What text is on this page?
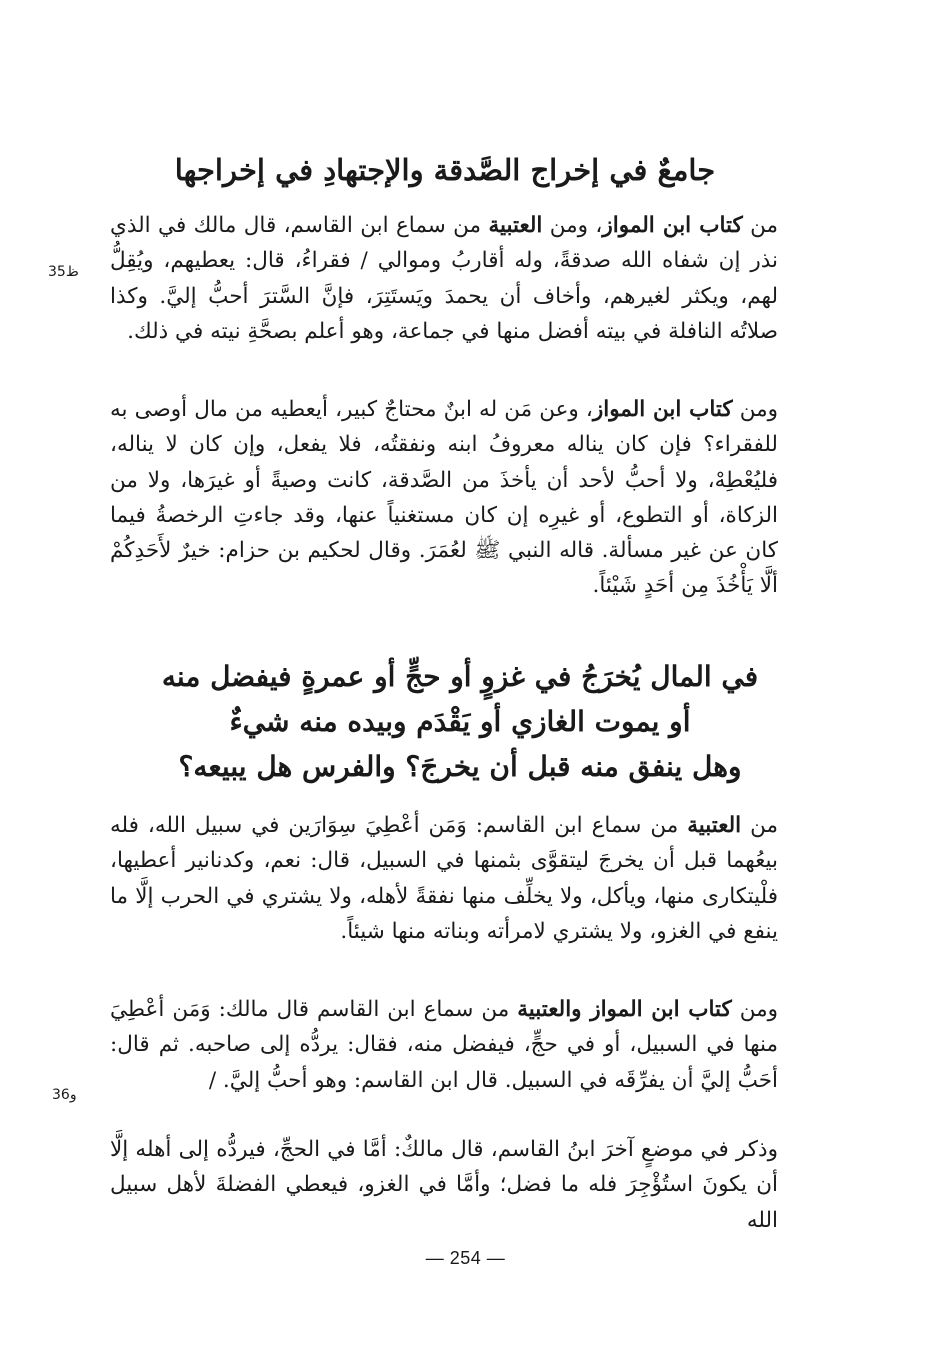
جامعٌ في إخراج الصَّدقة والإجتهادِ في إخراجها

من كتاب ابن المواز، ومن العتبية من سماع ابن القاسم، قال مالك في الذي نذر إن شفاه الله صدقةً، وله أقاربُ وموالي / فقراءُ، قال: يعطيهم، ويُقِلُّ لهم، ويكثر لغيرهم، وأخاف أن يحمدَ ويَستَتِرَ، فإنَّ السَّترَ أحبُّ إليَّ. وكذا صلاتُه النافلة في بيته أفضل منها في جماعة، وهو أعلم بصحَّةِ نيته في ذلك.

ظ35

ومن كتاب ابن المواز، وعن مَن له ابنٌ محتاجٌ كبير، أيعطيه من مال أوصى به للفقراء؟ فإن كان يناله معروفُ ابنه ونفقتُه، فلا يفعل، وإن كان لا يناله، فليُعْطِهْ، ولا أحبُّ لأحد أن يأخذَ من الصَّدقة، كانت وصيةً أو غيرَها، ولا من الزكاة، أو التطوع، أو غيرِه إن كان مستغنياً عنها، وقد جاءتِ الرخصةُ فيما كان عن غير مسألة. قاله النبي ﷺ لعُمَرَ. وقال لحكيم بن حزام: خيرٌ لأَحَدِكُمْ ألَّا يَأْخُذَ مِن أحَدٍ شَيْئاً.

في المال يُخرَجُ في غزوٍ أو حجٍّ أو عمرةٍ فيفضل منه
أو يموت الغازي أو يَقْدَم وبيده منه شيءٌ
وهل ينفق منه قبل أن يخرجَ؟ والفرس هل يبيعه؟

من العتبية من سماع ابن القاسم: وَمَن أعْطِيَ سِوَارَين في سبيل الله، فله بيعُهما قبل أن يخرجَ ليتقوَّى بثمنها في السبيل، قال: نعم، وكدنانير أعطيها، فلْيتكارى منها، ويأكل، ولا يخلِّف منها نفقةً لأهله، ولا يشتري في الحرب إلَّا ما ينفع في الغزو، ولا يشتري لامرأته وبناته منها شيئاً.

ومن كتاب ابن المواز والعتبية من سماع ابن القاسم قال مالك: وَمَن أعْطِيَ منها في السبيل، أو في حجٍّ، فيفضل منه، فقال: يردُّه إلى صاحبه. ثم قال: أحَبُّ إليَّ أن يفرِّقَه في السبيل. قال ابن القاسم: وهو أحبُّ إليَّ. /

و36

وذكر في موضعٍ آخرَ ابنُ القاسم، قال مالكٌ: أمَّا في الحجِّ، فيردُّه إلى أهله إلَّا أن يكونَ استُؤْجِرَ فله ما فضل؛ وأمَّا في الغزو، فيعطي الفضلةَ لأهل سبيل الله

— 254 —
